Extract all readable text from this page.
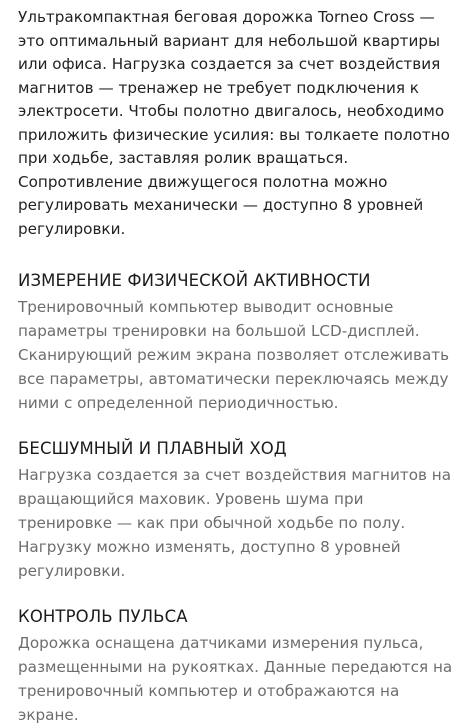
Ультракомпактная беговая дорожка Torneo Cross — это оптимальный вариант для небольшой квартиры или офиса. Нагрузка создается за счет воздействия магнитов — тренажер не требует подключения к электросети. Чтобы полотно двигалось, необходимо приложить физические усилия: вы толкаете полотно при ходьбе, заставляя ролик вращаться. Сопротивление движущегося полотна можно регулировать механически — доступно 8 уровней регулировки.

ИЗМЕРЕНИЕ ФИЗИЧЕСКОЙ АКТИВНОСТИ

Тренировочный компьютер выводит основные параметры тренировки на большой LCD-дисплей. Сканирующий режим экрана позволяет отслеживать все параметры, автоматически переключаясь между ними с определенной периодичностью.

БЕСШУМНЫЙ И ПЛАВНЫЙ ХОД

Нагрузка создается за счет воздействия магнитов на вращающийся маховик. Уровень шума при тренировке — как при обычной ходьбе по полу. Нагрузку можно изменять, доступно 8 уровней регулировки.

КОНТРОЛЬ ПУЛЬСА

Дорожка оснащена датчиками измерения пульса, размещенными на рукоятках. Данные передаются на тренировочный компьютер и отображаются на экране.
